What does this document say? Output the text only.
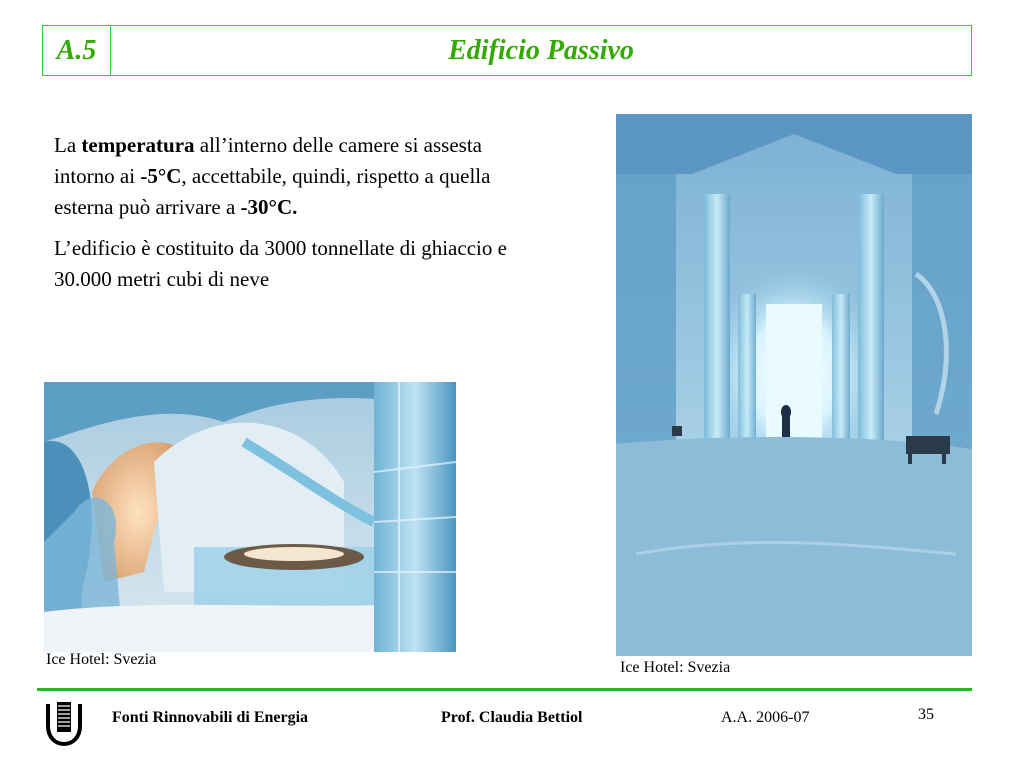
A.5	Edificio Passivo

La temperatura all’interno delle camere si assesta intorno ai -5°C, accettabile, quindi, rispetto a quella esterna può arrivare a -30°C.

L’edificio è costituito da 3000 tonnellate di ghiaccio e 30.000 metri cubi di neve

Ice Hotel: Svezia	Ice Hotel: Svezia
Fonti Rinnovabili di Energia	Prof. Claudia Bettiol	A.A. 2006-07	35
